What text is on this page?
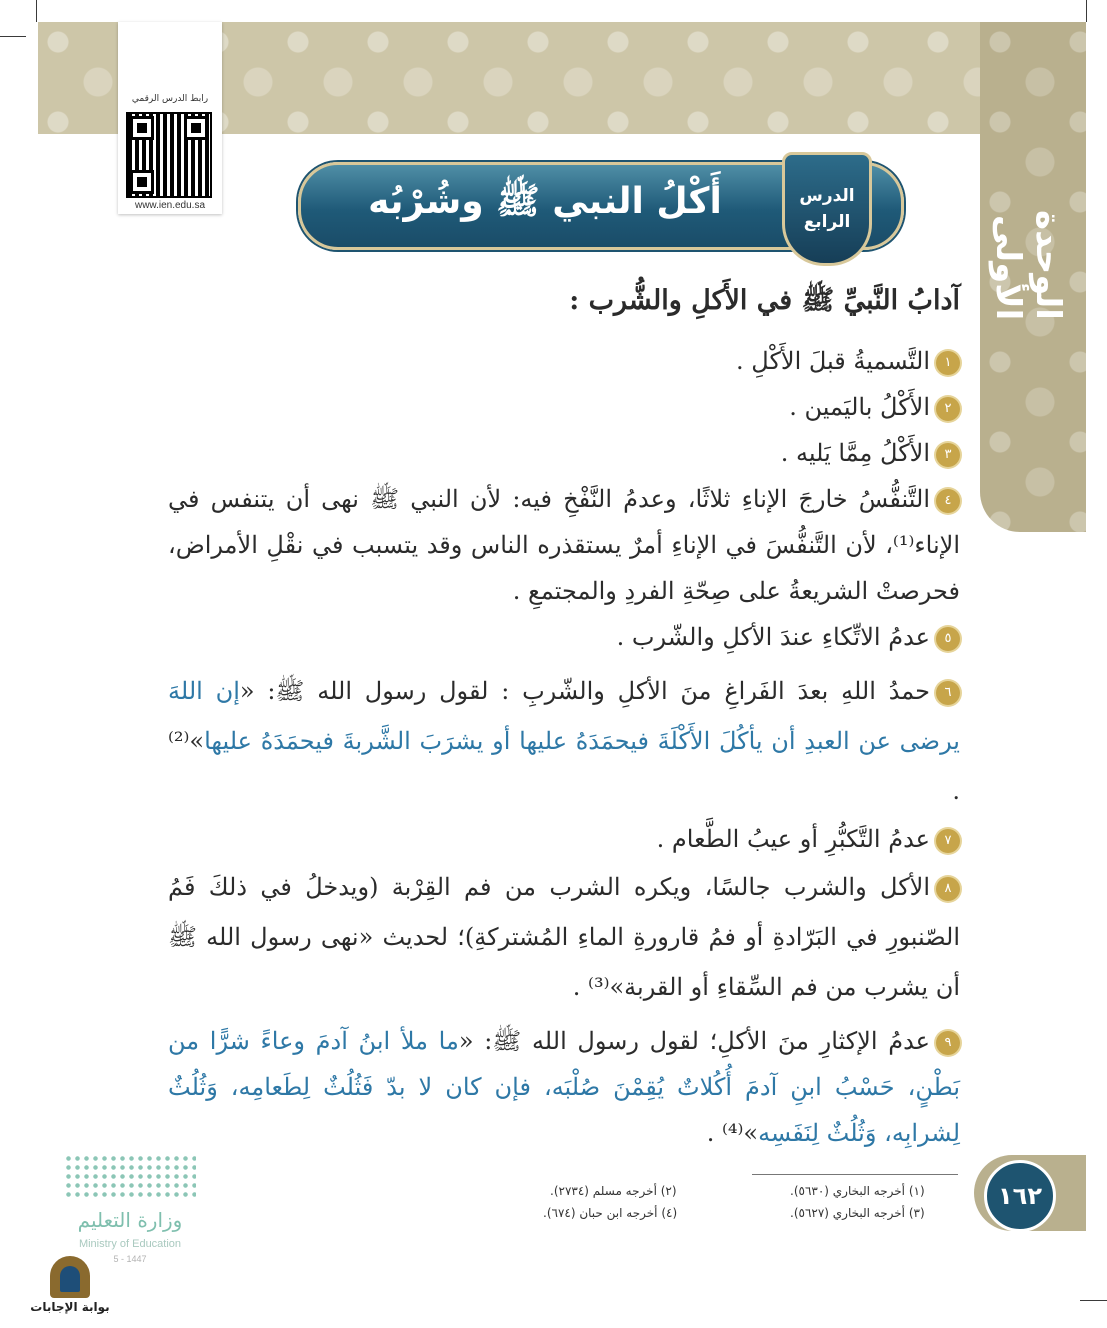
الوحدة الأولى
رابط الدرس الرقمي
www.ien.edu.sa	أَكْلُ النبي ﷺ وشُرْبُه	الدرس
الرابع
آدابُ النَّبيِّ ﷺ في الأَكلِ والشُّرب :
١التَّسميةُ قبلَ الأَكْلِ .
٢الأَكْلُ باليَمين .
٣الأَكْلُ مِمَّا يَليه .
٤التَّنفُّسُ خارجَ الإناءِ ثلاثًا، وعدمُ النَّفْخِ فيه: لأن النبي ﷺ نهى أن يتنفس في الإناء⁽¹⁾، لأن التَّنفُّسَ في الإناءِ أمرٌ يستقذره الناس وقد يتسبب في نقْلِ الأمراض، فحرصتْ الشريعةُ على صِحّةِ الفردِ والمجتمعِ .
٥عدمُ الاتِّكاءِ عندَ الأكلِ والشّرب .
٦حمدُ اللهِ بعدَ الفَراغِ منَ الأكلِ والشّربِ : لقول رسول الله ﷺ: «إن اللهَ يرضى عن العبدِ أن يأكُلَ الأَكْلَةَ فيحمَدَهُ عليها أو يشرَبَ الشَّربةَ فيحمَدَهُ عليها»⁽²⁾ .
٧عدمُ التَّكبُّرِ أو عيبُ الطَّعام .
٨الأكل والشرب جالسًا، ويكره الشرب من فم القِرْبة (ويدخلُ في ذلكَ فَمُ الصّنبورِ في البَرّادةِ أو فمُ قارورةِ الماءِ المُشتركةِ)؛ لحديث «نهى رسول الله ﷺ أن يشرب من فم السِّقاءِ أو القربة»⁽³⁾ .
٩عدمُ الإكثارِ منَ الأكلِ؛ لقول رسول الله ﷺ: «ما ملأ ابنُ آدمَ وعاءً شرًّا من بَطْنٍ، حَسْبُ ابنِ آدمَ أُكُلاتٌ يُقِمْنَ صُلْبَه، فإن كان لا بدّ فَثُلُثٌ لِطَعامِه، وَثُلُثٌ لِشرابِه، وَثُلُثٌ لِنَفَسِه»⁽⁴⁾ .
١٦٢
(١) أخرجه البخاري (٥٦٣٠).
(٣) أخرجه البخاري (٥٦٢٧).
(٢) أخرجه مسلم (٢٧٣٤).
(٤) أخرجه ابن حبان (٦٧٤).
وزارة التعليم
Ministry of Education
5 - 1447
بوابة الإجابات
